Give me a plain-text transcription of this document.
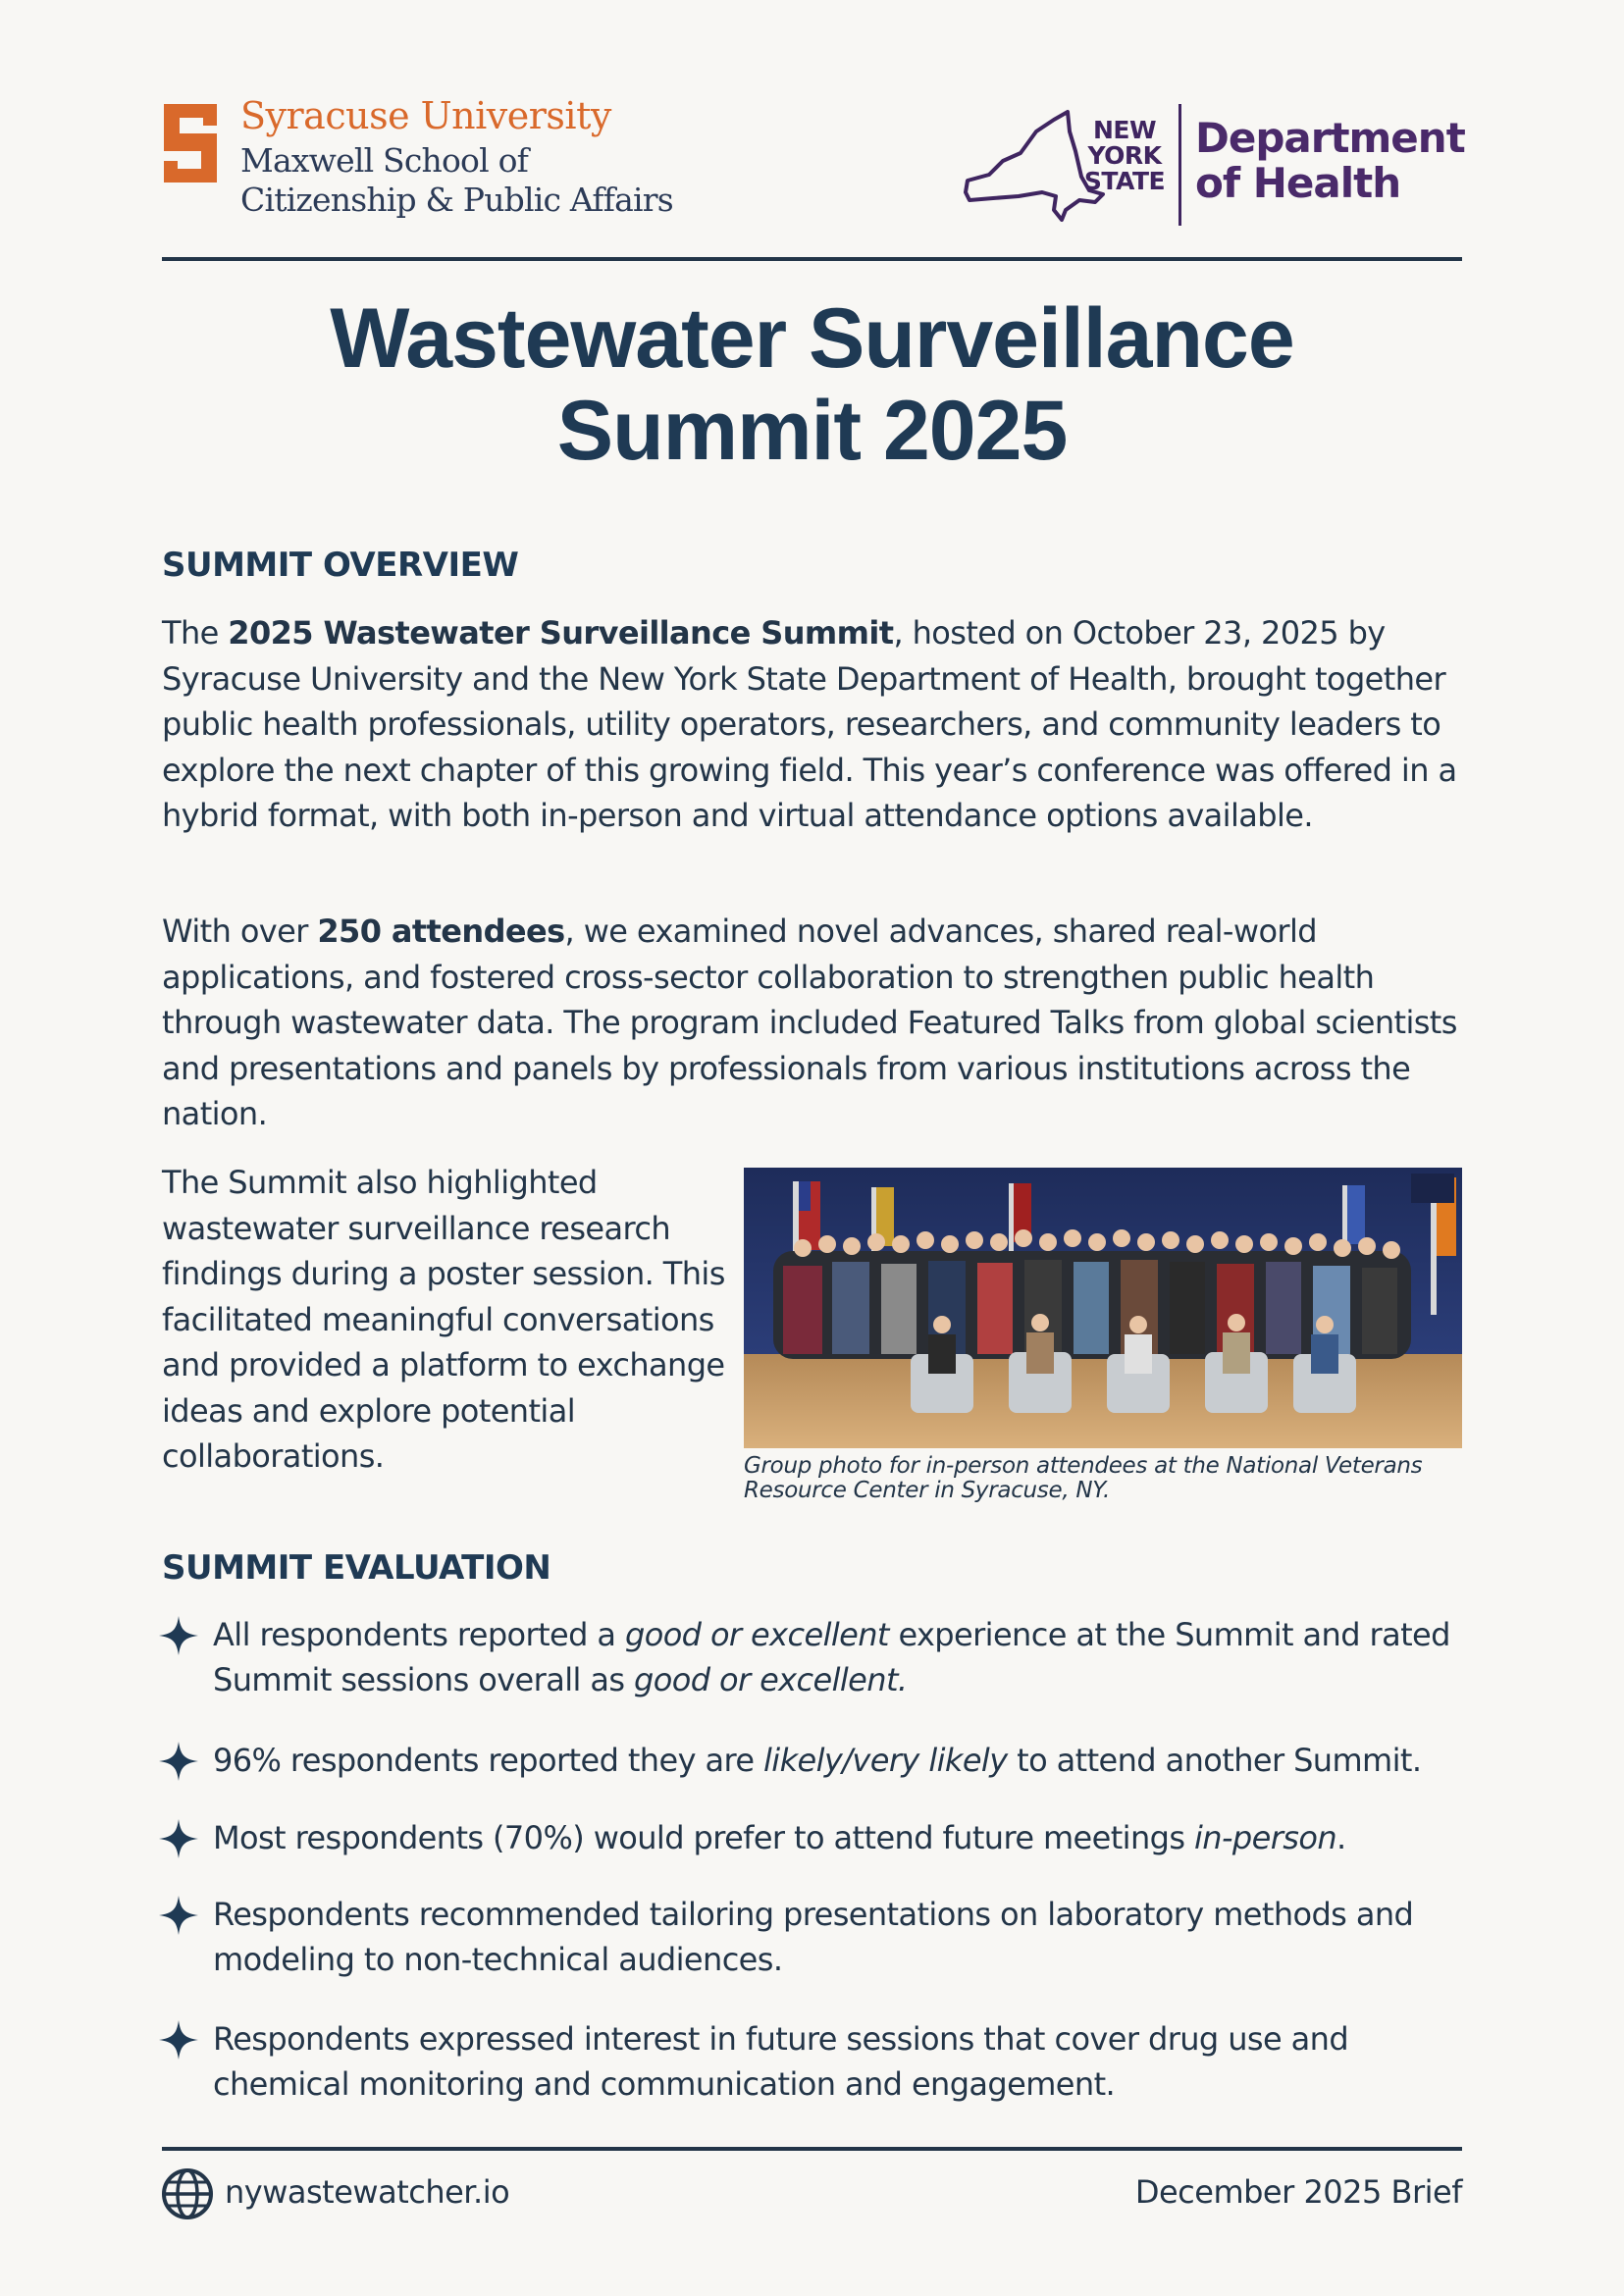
Syracuse University
Maxwell School of
Citizenship & Public Affairs
NEW
YORK
STATE
Department
of Health
Wastewater Surveillance
Summit 2025
SUMMIT OVERVIEW

The 2025 Wastewater Surveillance Summit, hosted on October 23, 2025 by Syracuse University and the New York State Department of Health, brought together public health professionals, utility operators, researchers, and community leaders to explore the next chapter of this growing field. This year’s conference was offered in a hybrid format, with both in-person and virtual attendance options available.

With over 250 attendees, we examined novel advances, shared real-world applications, and fostered cross-sector collaboration to strengthen public health through wastewater data. The program included Featured Talks from global scientists and presentations and panels by professionals from various institutions across the nation.

The Summit also highlighted wastewater surveillance research findings during a poster session. This facilitated meaningful conversations and provided a platform to exchange ideas and explore potential collaborations.	Group photo for in-person attendees at the National Veterans Resource Center in Syracuse, NY.
SUMMIT EVALUATION
All respondents reported a good or excellent experience at the Summit and rated Summit sessions overall as good or excellent.
96% respondents reported they are likely/very likely to attend another Summit.
Most respondents (70%) would prefer to attend future meetings in-person.
Respondents recommended tailoring presentations on laboratory methods and modeling to non-technical audiences.
Respondents expressed interest in future sessions that cover drug use and chemical monitoring and communication and engagement.
nywastewatcher.io	December 2025 Brief
